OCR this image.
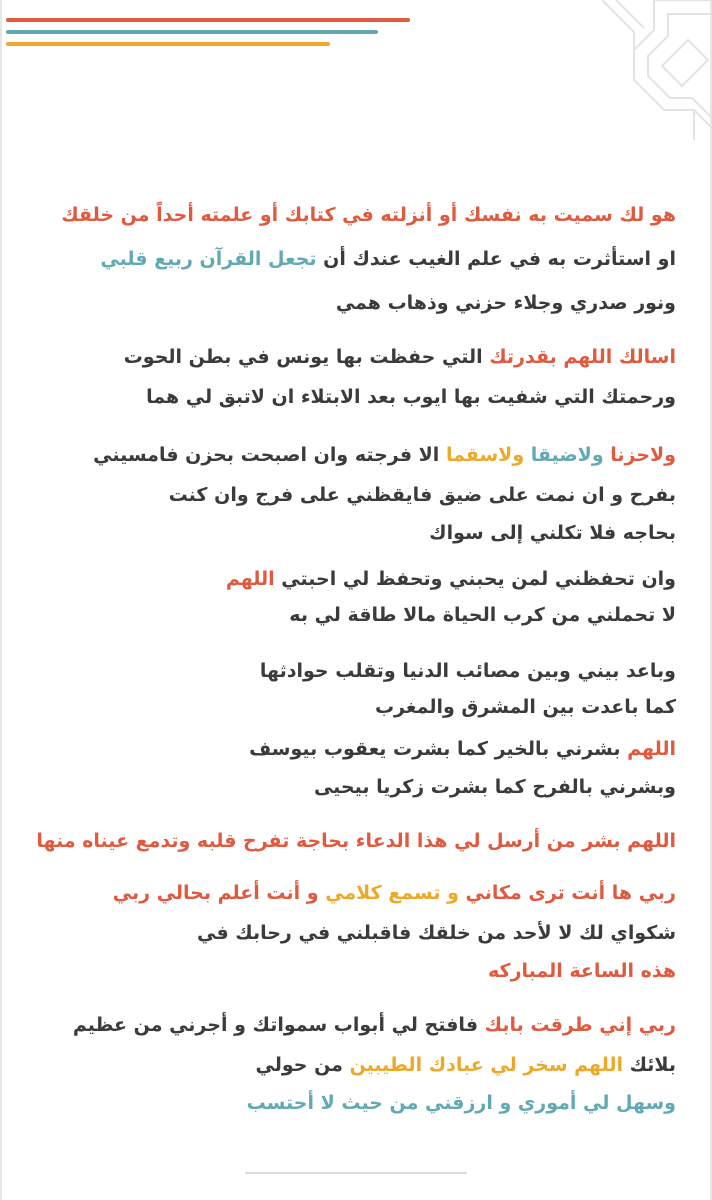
هو لك سميت به نفسك أو أنزلته في كتابك أو علمته أحداً من خلقك
او استأثرت به في علم الغيب عندك أن تجعل القرآن ربيع قلبي
ونور صدري وجلاء حزني وذهاب همي
اسالك اللهم بقدرتك التي حفظت بها يونس في بطن الحوت
ورحمتك التي شفيت بها ايوب بعد الابتلاء ان لاتبق لي هما
ولاحزنا ولاضيقا ولاسقما الا فرجته وان اصبحت بحزن فامسيني
بفرح و ان نمت على ضيق فايقظني على فرج وان كنت
بحاجه فلا تكلني إلى سواك
وان تحفظني لمن يحبني وتحفظ لي احبتي اللهم
لا تحملني من كرب الحياة مالا طاقة لي به
وباعد بيني وبين مصائب الدنيا وتقلب حوادثها
كما باعدت بين المشرق والمغرب
اللهم بشرني بالخير كما بشرت يعقوب بيوسف
وبشرني بالفرح كما بشرت زكريا بيحيى
اللهم بشر من أرسل لي هذا الدعاء بحاجة تفرح قلبه وتدمع عيناه منها
ربي ها أنت ترى مكاني و تسمع كلامي و أنت أعلم بحالي ربي
شكواي لك لا لأحد من خلقك فاقبلني في رحابك في
هذه الساعة المباركه
ربي إني طرقت بابك فافتح لي أبواب سمواتك و أجرني من عظيم
بلائك اللهم سخر لي عبادك الطيبين من حولي
وسهل لي أموري و ارزقني من حيث لا أحتسب
